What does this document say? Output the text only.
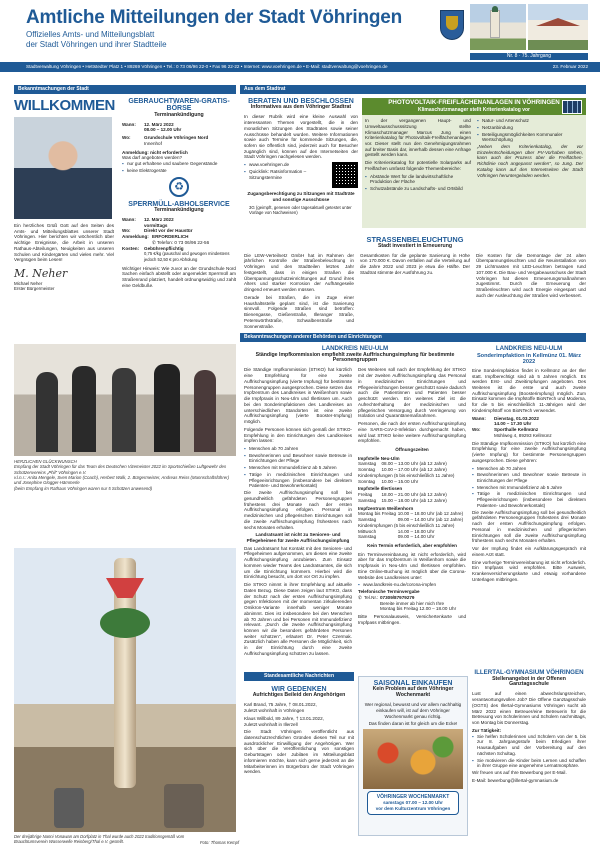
Amtliche Mitteilungen der Stadt Vöhringen
Offizielles Amts- und Mitteilungsblatt
der Stadt Vöhringen und ihrer Stadtteile
Nr. 8 · 75. Jahrgang
Stadtverwaltung Vöhringen • Hettstedter Platz 1 • 89269 Vöhringen • Tel.: 0 73 06/96 22-0 • Fax 96 22-22 • Internet: www.voehringen.de • E-Mail: stadtverwaltung@voehringen.de	23. Februar 2022
Bekanntmachungen der Stadt
WILLKOMMEN

Ein herzliches Grüß Gott auf den Seiten des Amts- und Mitteilungsblattes unserer Stadt Vöhringen. Hier berichten wir wöchentlich über wichtige Ereignisse, die Arbeit in unseren Rathaus-Abteilungen, Neuigkeiten aus unseren Schulen und Kindergärten und vieles mehr. Viel Vergnügen beim Lesen!

M. Neher
Michael Neher
Erster Bürgermeister
GEBRAUCHTWAREN-GRATIS-BÖRSE
Terminankündigung
Wann:	12. März 2022
08.00 – 12.00 Uhr
Wo:	Grundschule Vöhringen Nord
Innenhof
Anmeldung: nicht erforderlich
Was darf angeboten werden?
▪ nur gut erhaltene und saubere Gegenstände
▪ keine Elektrogeräte
♻
SPERRMÜLL-ABHOLSERVICE
Terminankündigung
Wann:	12. März 2022
vormittags
Wo:	Direkt vor der Haustür
Anmeldung: ERFORDERLICH
✆ Telefon: 0 73 06/96 22-56
Kosten:	Gebührenpflichtig
0,75 €/kg (pauschal und gewogen mindestens jedoch 52,50 € pro Abholung

Wichtiger Hinweis: Wie zuvor an der Grundschule Nord Sachen einfach abstellt oder angemeldet Sperrmüll am Straßenrand platziert, handelt ordnungswidrig und zahlt eine Geldbuße.

HERZLICHEN GLÜCKWUNSCH
Empfang der Stadt Vöhringen für das Team des Deutschen Vizemeister 2022 im Sportschießen Luftgewehr des Schützenvereins „Phil" Vöhringen e.V.
v.l.n.r.: Anita Mengele, Sven Marion (Coach), Herbert Walk, 2. Bürgermeister, Andreas Reiss (Mannschaftsführer) und Josephine Glogger-Hämmerle
(beim Empfang im Rathaus Vöhringen waren nur 5 Schützen anwesend)
Aus dem Stadtrat
BERATEN UND BESCHLOSSEN
Informatives aus dem Vöhringer Stadtrat

In dieser Rubrik wird eine kleine Auswahl von interessanten Themen vorgestellt, die in den monatlichen Sitzungen des Stadtrates sowie seiner Ausschüsse behandelt wurden. Weitere Informationen sowie auch Termine für kommende Sitzungen, die, sofern sie öffentlich sind, jederzeit auch für Besucher zugänglich sind, können auf den Internetseiten der Stadt Vöhringen nachgelesen werden.

▪ www.voehringen.de
▪ Quicklink: Ratsinformation – Sitzungstermine
Zugangsberechtigung zu Sitzungen mit Stadträte und sonstige Ausschüsse
3G (geimpft, genesen oder tagesaktuell getestet unter Vorlage von Nachweisen)
PHOTOVOLTAIK-FREIFLÄCHENANLAGEN IN VÖHRINGEN
Klimaschutzmanager stellt Kriterienkatalog vor

In der vergangenen Haupt- und Umweltausschusssitzung stellte Klimaschutzmanager Marcus Jung einen Kriterienkatalog für Photovoltaik-Freiflächenanlagen vor. Dieser stellt nun den Genehmigungsrahmen auf breiter Basis dar, innerhalb dessen eine Anfrage gestellt werden kann.

Die Kriterienkatalog für potentielle Solarparks auf Freiflächen umfasst folgende Themenbereiche:

▪ Abstände Wert für die landwirtschaftliche Produktion der Fläche
▪ Schutzabstände zu Landschafts- und Ortsbild
▪ Natur- und Artenschutz
▪ Netzanbindung
▪ Beteiligungsmöglichkeiten Kommunaler Wertschöpfung

„Neben dem Kriterienkatalog, der vor Einzelentscheidungen über PV-Vorhaben stehen, kann auch der Prozess über die Freiflächen-Richtlinie noch angepasst werden", so Jung. Der Katalog kann auf den Internetseiten der Stadt Vöhringen heruntergeladen werden.

STRASSENBELEUCHTUNG
Stadt investiert in Erneuerung

Die LEW-Verteilnetz GmbH hat im Rahmen der jährlichen Kontrolle der Straßenbeleuchtung in Vöhringen und den Stadtteilen letztes Jahr festgestellt, dass in einigen Straßen die Überspannungsschutzeinrichtungen auf Grund ihres Alters und starker Korrosion der Aufhängeseile dringend erneuert werden müssen.

Gerade bei Straßen, die im Zuge einer Haushaltsstelle geplant sind, ist die Sanierung sinnvoll. Folgende Straßen sind betroffen: Bienengasse, Gießenstraße, Illeranger Straße, Peterswörthstraße, Schwalbenstraße und Sonnenstraße.

Gesamtkosten für die geplante Sanierung in Höhe von 170.000 €. Davon entfallen auf die Verteilung auf die Jahre 2022 und 2023 je etwa die Hälfte. Der Stadtrat stimmte der Ausführung zu.

Die Kosten für die Demontage der 24 alten Überspannungsleuchten und die Neuinstallation von 29 Lichtmasten mit LED-Leuchten betragen rund 107.000 €. Die Bau- und Vergabeausschuss der Stadt Vöhringen hat diesen Erneuerungsmaßnahmen zugestimmt. Durch die Erneuerung der Straßenleuchten wird auch Energie eingespart und auch der Ausleuchtung der Straßen wird verbessert.

Bekanntmachungen anderer Behörden und Einrichtungen
LANDKREIS NEU-ULM
Ständige Impfkommission empfiehlt zweite Auffrischungsimpfung für bestimmte Personengruppen

Die Ständige Impfkommission (STIKO) hat kürzlich eine Empfehlung für eine zweite Auffrischungsimpfung (vierte Impfung) für bestimmte Personengruppen ausgesprochen. Diese setzen das Impfzentrum des Landkreises in Weißenhorn sowie die Impfpraxis in Neu-Ulm und Illertissen um. Auch bei den Sonderimpfaktionen des Landkreises an unterschiedlichen Standorten ist eine zweite Auffrischungsimpfung (vierte Booster-Impfung) möglich.

Folgende Personen können sich gemäß der STIKO-Empfehlung in den Einrichtungen des Landkreises impfen lassen:

▪ Menschen ab 70 Jahren
▪ Bewohnerinnen und Bewohner sowie Betreute in Einrichtungen der Pflege
▪ Menschen mit Immundefizienz ab 5 Jahren
▪ Tätige in medizinischen Einrichtungen und Pflegeeinrichtungen (insbesondere bei direktem Patienten- und Bewohnerkontakt)

Die zweite Auffrischungsimpfung soll bei gesundheitlich gefährdeten Personengruppen frühestens drei Monate nach der ersten Auffrischungsimpfung erfolgen. Personal in medizinischen und pflegerischen Einrichtungen soll die zweite Auffrischungsimpfung frühestens nach sechs Monaten erhalten.

Landratsamt ist nicht zu Senioren- und Pflegeheimen für zweite Auffrischungsimpfung

Das Landratsamt hat Kontakt mit den Senioren- und Pflegeheimen aufgenommen, um diesen eine zweite Auffrischungsimpfung anzubieten. Zum Einsatz kommen wieder Teams des Landratsamtes, die sich um die Einrichtung kümmern. Hierbei wird die Einrichtung besucht, um dort vor Ort zu impfen.

Die STIKO nimmt in ihrer Empfehlung auf aktuelle Daten Bezug. Diese Daten zeigen laut STIKO, dass der Schutz nach der ersten Auffrischungsimpfung gegen Infektionen mit der momentan zirkulierenden Omikron-Variante innerhalb weniger Monate abnimmt. Dies ist insbesondere bei den Menschen ab 70 Jahren und bei Personen mit Immundefizienz relevant. „Durch die zweite Auffrischungsimpfung können wir die besonders gefährdeten Personen weiter schützen", erläutert Dr. Peter Czermak. Zusätzlich haben alle Personen die Möglichkeit, sich in der Einrichtung durch eine zweite Auffrischungsimpfung schützen zu lassen.

Des Weiteren soll nach der Empfehlung der STIKO mit der zweiten Auffrischungsimpfung das Personal in medizinischen Einrichtungen und Pflegeeinrichtungen besser geschützt sowie dadurch auch die Patientinnen und Patienten besser geschützt werden. Ein weiteres Ziel ist die Aufrechterhaltung der medizinischen und pflegerischen Versorgung durch Verringerung von Isolation und Quarantänemaßnahmen.

Personen, die nach der ersten Auffrischungsimpfung eine SARS-CoV-2-Infektion durchgemacht haben, wird laut STIKO keine weitere Auffrischungsimpfung empfohlen.

Öffnungszeiten
Impfstelle Neu-Ulm
Samstag	08.00 – 13.00 Uhr (ab 12 Jahre)
Sonntag	10.00 – 17.00 Uhr (ab 12 Jahre)
Kinderimpfungen (5 bis einschließlich 11 Jahre)	
Sonntag	10.00 – 15.00 Uhr
Impfstelle Illertissen
Freitag	18.00 – 21.00 Uhr (ab 12 Jahre)
Samstag	15.00 – 18.00 Uhr (ab 12 Jahre)
Impfzentrum Weißenhorn
Montag bis Freitag	10.00 – 18.00 Uhr (ab 12 Jahre)
Samstag	09.00 – 14.00 Uhr (ab 12 Jahre)
Kinderimpfungen (5 bis einschließlich 11 Jahre)	
Mittwoch	14.00 – 18.00 Uhr
Samstag	09.00 – 14.00 Uhr
Kein Termin erforderlich, aber empfohlen

Ein Terminvereinbarung ist nicht erforderlich, wird aber für das Impfzentrum in Weißenhorn sowie die Impfpraxis in Neu-Ulm und Illertissen empfohlen. Eine Online-Buchung ist möglich über die Corona-Website des Landkreises unter:

▪ www.landkreis-nu.de/corona-impfen
Telefonische Terminvergabe
✆ Tel.Nr.: 07309/87979279
Bereite immer ab hier mich Ihre
Montag bis Freitag 12.00 – 18.00 Uhr

Bitte Personalausweis, Versichertenkarte und Impfpass mitbringen.

LANDKREIS NEU-ULM
Sonderimpfaktion in Kellmünz 01. März 2022

Eine Sonderimpfaktion findet in Kellmünz an der Iller statt. Impfberechtigt sind ab 5 Jahren möglich. Es werden Erst- und Zweitimpfungen angeboten. Des Weiteren ist die erste und auch zweite Auffrischungsimpfung (Boosterimpfung) möglich. Zum Einsatz kommen die Impfstoffe BioNTech und Moderna, für die 5 bis einschließlich 11-Jährigen wird der Kinderimpfstoff von BioNTech verwendet.

Wann:	Dienstag, 01.03.2022
14.00 – 17.30 Uhr
Wo:	Sporthalle Kellmünz
Mühlweg 4, 89293 Kellmünz

Die Ständige Impfkommission (STIKO) hat kürzlich eine Empfehlung für eine zweite Auffrischungsimpfung (vierte Impfung) für bestimmte Personengruppen ausgesprochen. Diese gehören:

▪ Menschen ab 70 Jahren
▪ Bewohnerinnen und Bewohner sowie Betreute in Einrichtungen der Pflege
▪ Menschen mit Immundefizienz ab 5 Jahre
▪ Tätige in medizinischen Einrichtungen und Pflegeeinrichtungen (insbesondere bei direktem Patienten- und Bewohnerkontakt)

Die zweite Auffrischungsimpfung soll bei gesundheitlich gefährdeten Personengruppen frühestens drei Monate nach der ersten Auffrischungsimpfung erfolgen. Personal in medizinischen und pflegerischen Einrichtungen soll die zweite Auffrischungsimpfung frühestens nach sechs Monaten erhalten.

Vor der Impfung findet ein Aufklärungsgespräch mit einem Arzt statt.

Eine vorherige Terminvereinbarung ist nicht erforderlich. Ein Impfpass wird empfohlen. Bitte Ausweis, Krankenversicherungskarte und etwaig vorhandene Unterlagen mitbringen.

ILLERTAL-GYMNASIUM VÖHRINGEN
Stellenangebot in der Offenen Ganztagsschule

Lust auf einen abwechslungsreichen, verantwortungsvollen Job? Die Offene Ganztagsschule (OGTS) des Illertal-Gymnasiums Vöhringen sucht ab März 2022 einen Betreuer/eine Betreuerin für die Betreuung von Schülerinnen und Schülern nachmittags, von Montag bis Donnerstag.

Zur Tätigkeit:
▪ Sie helfen Schülerinnen und Schülern von der 5. bis zur 8. Jahrgangsstufe beim Erledigen ihrer Hausaufgaben und der Vorbereitung auf den nächsten Schultag.
▪ Sie motivieren die Kinder beim Lernen und schaffen in ihrer Gruppe eine angenehme Lernatmosphäre.

Wir freuen uns auf Ihre Bewerbung per E-Mail.

E-Mail: bewerbung@illertal-gymnasium.de

Der dreijährige Nanni Vonawan am Dorfplatz in Thal wurde auch 2022 traditionsgemäß vom Brauchtumsverein Wasserwelle Reinberg/Thal e.V. gestellt.	Foto: Thomas Kempf
Standesamtliche Nachrichten
WIR GEDENKEN
Aufrichtiges Beileid den Angehörigen

Karl Brand, 75 Jahre, † 08.01.2022,
zuletzt wohnhaft in Vöhringen

Klaus Willbold, 89 Jahre, † 13.01.2022,
zuletzt wohnhaft in Illerzell

Die Stadt Vöhringen veröffentlicht aus datenschutzrechtlichen Gründen diesen Teil nur mit ausdrücklicher Einwilligung der Angehörigen. Wer sich über die Veröffentlichung von sonstigen Geburtstagen oder Jubiläen im Mitteilungsblatt informieren möchte, kann sich gerne jederzeit an die Mitarbeiterinnen im Bürgerbüro der Stadt Vöhringen wenden.

SAISONAL EINKAUFEN
Kein Problem auf dem Vöhringer Wochenmarkt

Wer regional, bewusst und vor allem nachhaltig einkaufen will, ist auf dem Vöhringer Wochenmarkt genau richtig.

Das finden daran ist für gleich um die Ecke!

VÖHRINGER WOCHENMARKT
samstags 07.00 – 12.00 Uhr
vor dem Kulturzentrum Vöhringen
